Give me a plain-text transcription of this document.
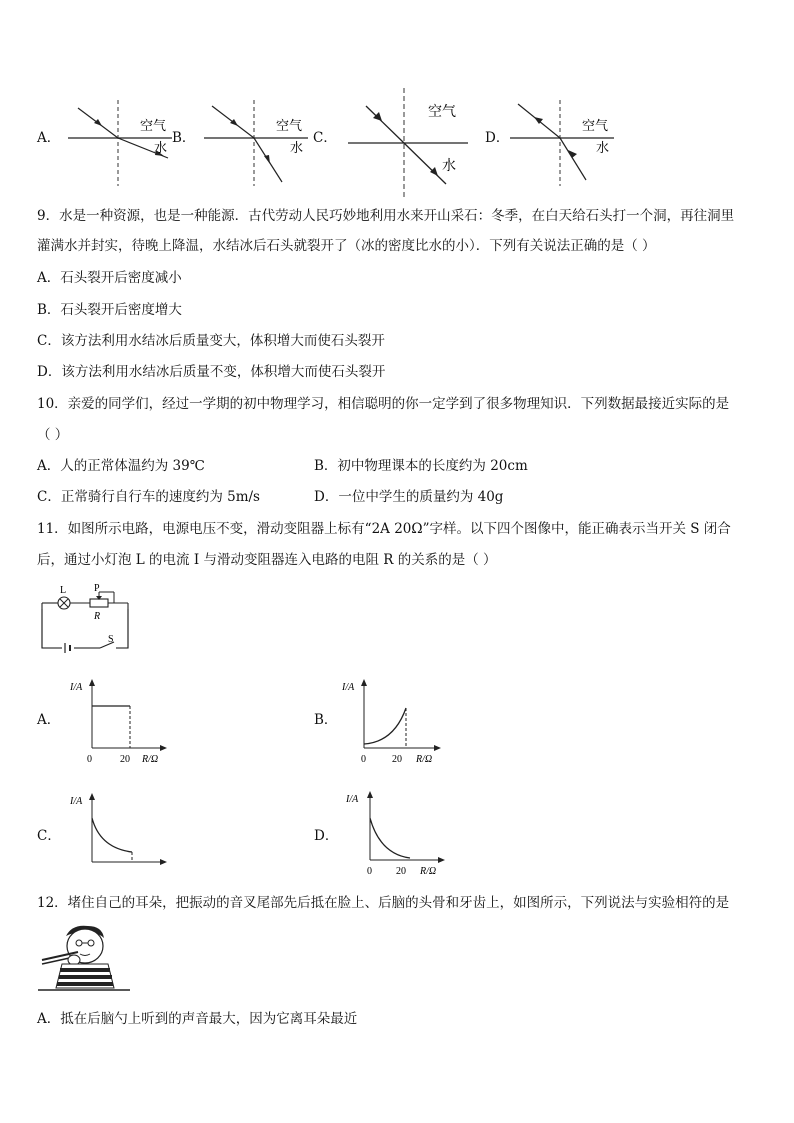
A．
空气
水
B．
空气
水
C．
空气
水
D．
空气
水
9．水是一种资源，也是一种能源．古代劳动人民巧妙地利用水来开山采石：冬季，在白天给石头打一个洞，再往洞里
灌满水并封实，待晚上降温，水结冰后石头就裂开了（冰的密度比水的小）．下列有关说法正确的是（ ）
A．石头裂开后密度减小
B．石头裂开后密度增大
C．该方法利用水结冰后质量变大，体积增大而使石头裂开
D．该方法利用水结冰后质量不变，体积增大而使石头裂开
10．亲爱的同学们，经过一学期的初中物理学习，相信聪明的你一定学到了很多物理知识．下列数据最接近实际的是
（ ）
A．人的正常体温约为 39℃	B．初中物理课本的长度约为 20cm
C．正常骑行自行车的速度约为 5m/s	D．一位中学生的质量约为 40g
11．如图所示电路，电源电压不变，滑动变阻器上标有“2A 20Ω”字样。以下四个图像中，能正确表示当开关 S 闭合
后，通过小灯泡 L 的电流 I 与滑动变阻器连入电路的电阻 R 的关系的是（ ）
L	P
R
S
A．
I/A
0	20 R/Ω
B．
I/A
0	20 R/Ω
C．
I/A
D．
I/A
0 20 R/Ω
12．堵住自己的耳朵，把振动的音叉尾部先后抵在脸上、后脑的头骨和牙齿上，如图所示，下列说法与实验相符的是
A．抵在后脑勺上听到的声音最大，因为它离耳朵最近
